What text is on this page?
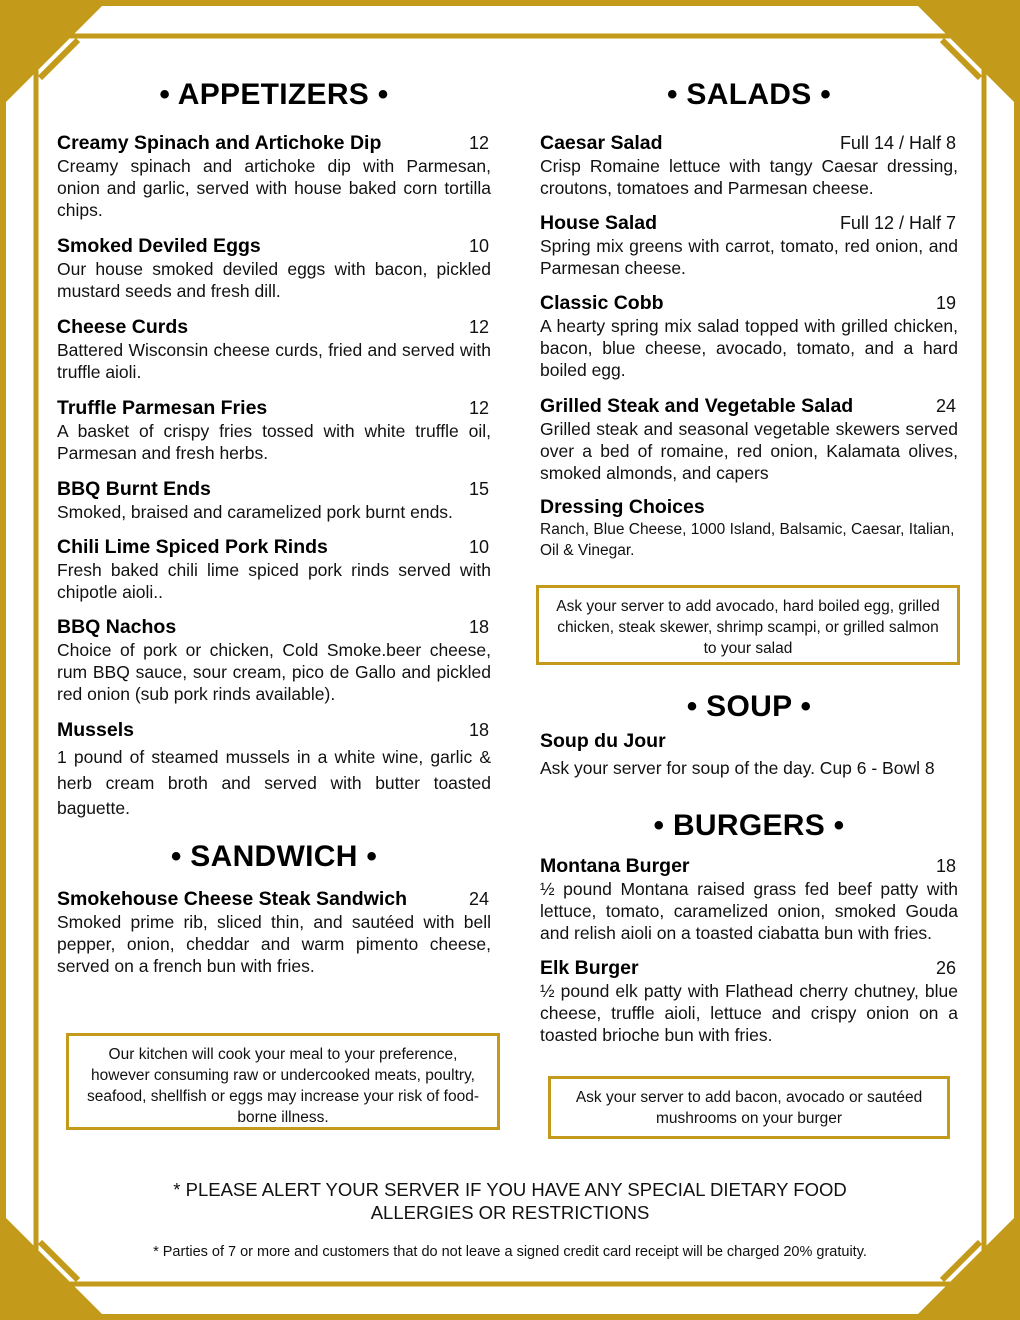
• APPETIZERS •
Creamy Spinach and Artichoke Dip	12
Creamy spinach and artichoke dip with Parmesan, onion and garlic, served with house baked corn tortilla chips.
Smoked Deviled Eggs	10
Our house smoked deviled eggs with bacon, pickled mustard seeds and fresh dill.
Cheese Curds	12
Battered Wisconsin cheese curds, fried and served with truffle aioli.
Truffle Parmesan Fries	12
A basket of crispy fries tossed with white truffle oil, Parmesan and fresh herbs.
BBQ Burnt Ends	15
Smoked, braised and caramelized pork burnt ends.
Chili Lime Spiced Pork Rinds	10
Fresh baked chili lime spiced pork rinds served with chipotle aioli..
BBQ Nachos	18
Choice of pork or chicken, Cold Smoke.beer cheese, rum BBQ sauce, sour cream, pico de Gallo and pickled red onion (sub pork rinds available).
Mussels	18
1 pound of steamed mussels in a white wine, garlic & herb cream broth and served with butter toasted baguette.
• SANDWICH •
Smokehouse Cheese Steak Sandwich	24
Smoked prime rib, sliced thin, and sautéed with bell pepper, onion, cheddar and warm pimento cheese, served on a french bun with fries.
Our kitchen will cook your meal to your preference, however consuming raw or undercooked meats, poultry, seafood, shellfish or eggs may increase your risk of food-borne illness.
• SALADS •
Caesar Salad	Full 14 / Half 8
Crisp Romaine lettuce with tangy Caesar dressing, croutons, tomatoes and Parmesan cheese.
House Salad	Full 12 / Half 7
Spring mix greens with carrot, tomato, red onion, and Parmesan cheese.
Classic Cobb	19
A hearty spring mix salad topped with grilled chicken, bacon, blue cheese, avocado, tomato, and a hard boiled egg.
Grilled Steak and Vegetable Salad	24
Grilled steak and seasonal vegetable skewers served over a bed of romaine, red onion, Kalamata olives, smoked almonds, and capers
Dressing Choices
Ranch, Blue Cheese, 1000 Island, Balsamic, Caesar, Italian, Oil & Vinegar.
Ask your server to add avocado, hard boiled egg, grilled chicken, steak skewer, shrimp scampi, or grilled salmon to your salad
• SOUP •
Soup du Jour
Ask your server for soup of the day. Cup 6 - Bowl 8
• BURGERS •
Montana Burger	18
½ pound Montana raised grass fed beef patty with lettuce, tomato, caramelized onion, smoked Gouda and relish aioli on a toasted ciabatta bun with fries.
Elk Burger	26
½ pound elk patty with Flathead cherry chutney, blue cheese, truffle aioli, lettuce and crispy onion on a toasted brioche bun with fries.
Ask your server to add bacon, avocado or sautéed mushrooms on your burger
* PLEASE ALERT YOUR SERVER IF YOU HAVE ANY SPECIAL DIETARY FOOD ALLERGIES OR RESTRICTIONS
* Parties of 7 or more and customers that do not leave a signed credit card receipt will be charged 20% gratuity.
